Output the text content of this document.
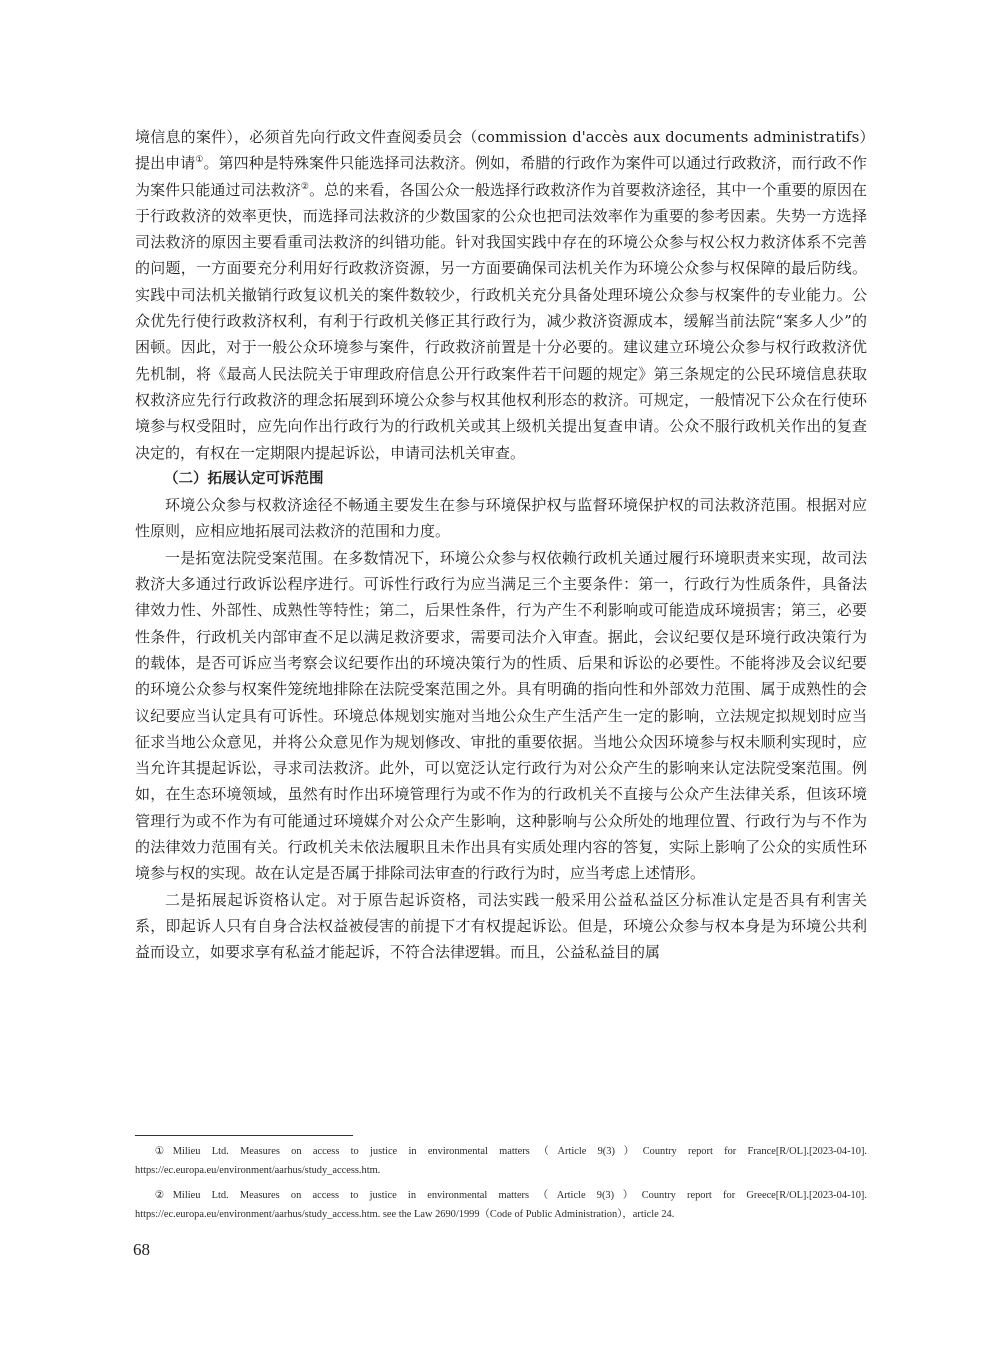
境信息的案件），必须首先向行政文件查阅委员会（commission d'accès aux documents administratifs）提出申请①。第四种是特殊案件只能选择司法救济。例如，希腊的行政作为案件可以通过行政救济，而行政不作为案件只能通过司法救济②。总的来看，各国公众一般选择行政救济作为首要救济途径，其中一个重要的原因在于行政救济的效率更快，而选择司法救济的少数国家的公众也把司法效率作为重要的参考因素。失势一方选择司法救济的原因主要看重司法救济的纠错功能。针对我国实践中存在的环境公众参与权公权力救济体系不完善的问题，一方面要充分利用好行政救济资源，另一方面要确保司法机关作为环境公众参与权保障的最后防线。实践中司法机关撤销行政复议机关的案件数较少，行政机关充分具备处理环境公众参与权案件的专业能力。公众优先行使行政救济权利，有利于行政机关修正其行政行为，减少救济资源成本，缓解当前法院“案多人少”的困顿。因此，对于一般公众环境参与案件，行政救济前置是十分必要的。建议建立环境公众参与权行政救济优先机制，将《最高人民法院关于审理政府信息公开行政案件若干问题的规定》第三条规定的公民环境信息获取权救济应先行行政救济的理念拓展到环境公众参与权其他权利形态的救济。可规定，一般情况下公众在行使环境参与权受阻时，应先向作出行政行为的行政机关或其上级机关提出复查申请。公众不服行政机关作出的复查决定的，有权在一定期限内提起诉讼，申请司法机关审查。

（二）拓展认定可诉范围

环境公众参与权救济途径不畅通主要发生在参与环境保护权与监督环境保护权的司法救济范围。根据对应性原则，应相应地拓展司法救济的范围和力度。

一是拓宽法院受案范围。在多数情况下，环境公众参与权依赖行政机关通过履行环境职责来实现，故司法救济大多通过行政诉讼程序进行。可诉性行政行为应当满足三个主要条件：第一，行政行为性质条件，具备法律效力性、外部性、成熟性等特性；第二，后果性条件，行为产生不利影响或可能造成环境损害；第三，必要性条件，行政机关内部审查不足以满足救济要求，需要司法介入审查。据此，会议纪要仅是环境行政决策行为的载体，是否可诉应当考察会议纪要作出的环境决策行为的性质、后果和诉讼的必要性。不能将涉及会议纪要的环境公众参与权案件笼统地排除在法院受案范围之外。具有明确的指向性和外部效力范围、属于成熟性的会议纪要应当认定具有可诉性。环境总体规划实施对当地公众生产生活产生一定的影响，立法规定拟规划时应当征求当地公众意见，并将公众意见作为规划修改、审批的重要依据。当地公众因环境参与权未顺利实现时，应当允许其提起诉讼，寻求司法救济。此外，可以宽泛认定行政行为对公众产生的影响来认定法院受案范围。例如，在生态环境领域，虽然有时作出环境管理行为或不作为的行政机关不直接与公众产生法律关系，但该环境管理行为或不作为有可能通过环境媒介对公众产生影响，这种影响与公众所处的地理位置、行政行为与不作为的法律效力范围有关。行政机关未依法履职且未作出具有实质处理内容的答复，实际上影响了公众的实质性环境参与权的实现。故在认定是否属于排除司法审查的行政行为时，应当考虑上述情形。

二是拓展起诉资格认定。对于原告起诉资格，司法实践一般采用公益私益区分标准认定是否具有利害关系，即起诉人只有自身合法权益被侵害的前提下才有权提起诉讼。但是，环境公众参与权本身是为环境公共利益而设立，如要求享有私益才能起诉，不符合法律逻辑。而且，公益私益目的属

①Milieu Ltd. Measures on access to justice in environmental matters（Article 9(3)）Country report for France[R/OL].[2023-04-10]. https://ec.europa.eu/environment/aarhus/study_access.htm.

②Milieu Ltd. Measures on access to justice in environmental matters（Article 9(3)）Country report for Greece[R/OL].[2023-04-10]. https://ec.europa.eu/environment/aarhus/study_access.htm. see the Law 2690/1999（Code of Public Administration），article 24.

68
